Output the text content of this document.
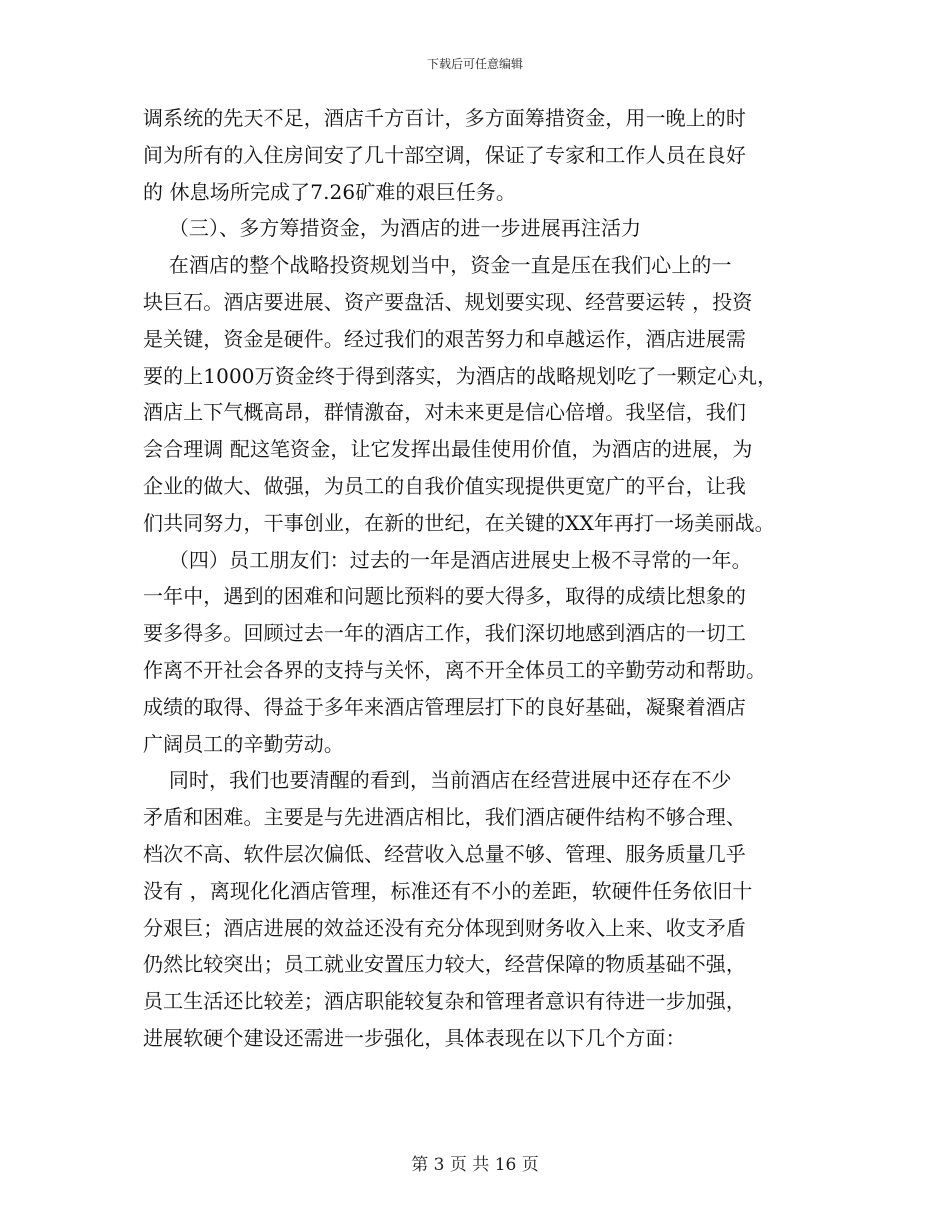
下载后可任意编辑
调系统的先天不足，酒店千方百计，多方面筹措资金，用一晚上的时
间为所有的入住房间安了几十部空调，保证了专家和工作人员在良好
的 休息场所完成了7.26矿难的艰巨任务。
（三）、多方筹措资金，为酒店的进一步进展再注活力
在酒店的整个战略投资规划当中，资金一直是压在我们心上的一
块巨石。酒店要进展、资产要盘活、规划要实现、经营要运转 ，投资
是关键，资金是硬件。经过我们的艰苦努力和卓越运作，酒店进展需
要的上1000万资金终于得到落实，为酒店的战略规划吃了一颗定心丸，
酒店上下气概高昂，群情激奋，对未来更是信心倍增。我坚信，我们
会合理调 配这笔资金，让它发挥出最佳使用价值，为酒店的进展，为
企业的做大、做强，为员工的自我价值实现提供更宽广的平台，让我
们共同努力，干事创业，在新的世纪，在关键的XX年再打一场美丽战。
（四）员工朋友们：过去的一年是酒店进展史上极不寻常的一年。
一年中，遇到的困难和问题比预料的要大得多，取得的成绩比想象的
要多得多。回顾过去一年的酒店工作，我们深切地感到酒店的一切工
作离不开社会各界的支持与关怀，离不开全体员工的辛勤劳动和帮助。
成绩的取得、得益于多年来酒店管理层打下的良好基础，凝聚着酒店
广阔员工的辛勤劳动。
同时，我们也要清醒的看到，当前酒店在经营进展中还存在不少
矛盾和困难。主要是与先进酒店相比，我们酒店硬件结构不够合理、
档次不高、软件层次偏低、经营收入总量不够、管理、服务质量几乎
没有 ，离现化化酒店管理，标准还有不小的差距，软硬件任务依旧十
分艰巨；酒店进展的效益还没有充分体现到财务收入上来、收支矛盾
仍然比较突出；员工就业安置压力较大，经营保障的物质基础不强，
员工生活还比较差；酒店职能较复杂和管理者意识有待进一步加强，
进展软硬个建设还需进一步强化，具体表现在以下几个方面：
第 3 页 共 16 页
